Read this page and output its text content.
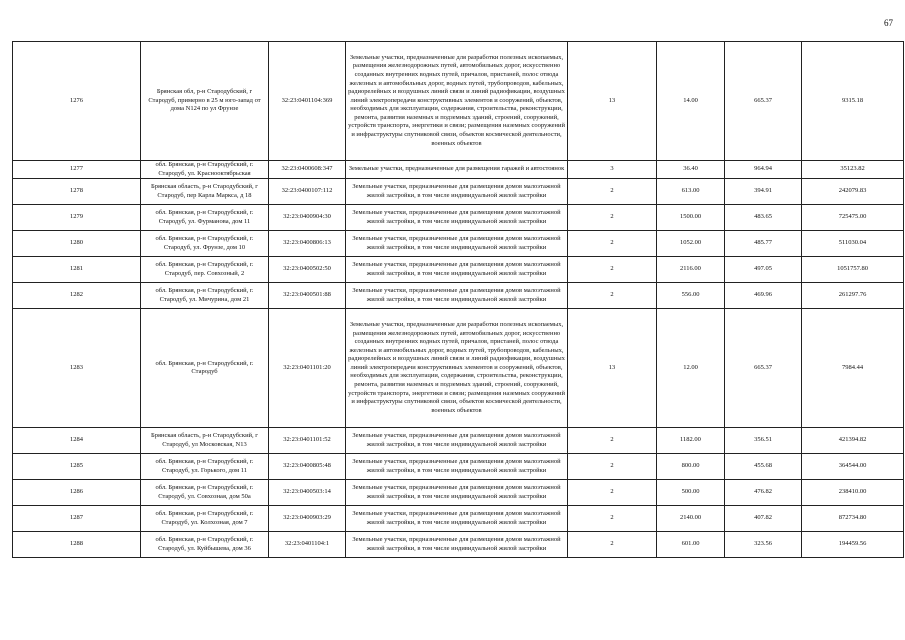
67
1276	Брянская обл, р-н Стародубский, г Стародуб, примерно в 25 м юго-запад от дома N124 по ул Фрунзе	32:23:0401104:369	Земельные участки, предназначенные для разработки полезных ископаемых, размещения железнодорожных путей, автомобильных дорог, искусственно созданных внутренних водных путей, причалов, пристаней, полос отвода железных и автомобильных дорог, водных путей, трубопроводов, кабельных, радиорелейных и воздушных линий связи и линий радиофикации, воздушных линий электропередачи конструктивных элементов и сооружений, объектов, необходимых для эксплуатации, содержания, строительства, реконструкции, ремонта, развития наземных и подземных зданий, строений, сооружений, устройств транспорта, энергетики и связи; размещения наземных сооружений и инфраструктуры спутниковой связи, объектов космической деятельности, военных объектов	13	14.00	665.37	9315.18
1277	обл. Брянская, р-н Стародубский, г. Стародуб, ул. Красноoктябрьская	32:23:0400608:347	Земельные участки, предназначенные для размещения гаражей и автостоянок	3	36.40	964.94	35123.82
1278	Брянская область, р-н Стародубский, г Стародуб, пер Карла Маркса, д 18	32:23:0400107:112	Земельные участки, предназначенные для размещения домов малоэтажной жилой застройки, в том числе индивидуальной жилой застройки	2	613.00	394.91	242079.83
1279	обл. Брянская, р-н Стародубский, г. Стародуб, ул. Фурманова, дом 11	32:23:0400904:30	Земельные участки, предназначенные для размещения домов малоэтажной жилой застройки, в том числе индивидуальной жилой застройки	2	1500.00	483.65	725475.00
1280	обл. Брянская, р-н Стародубский, г. Стародуб, ул. Фрунзе, дом 10	32:23:0400806:13	Земельные участки, предназначенные для размещения домов малоэтажной жилой застройки, в том числе индивидуальной жилой застройки	2	1052.00	485.77	511030.04
1281	обл. Брянская, р-н Стародубский, г. Стародуб, пер. Совхозный, 2	32:23:0400502:50	Земельные участки, предназначенные для размещения домов малоэтажной жилой застройки, в том числе индивидуальной жилой застройки	2	2116.00	497.05	1051757.80
1282	обл. Брянская, р-н Стародубский, г. Стародуб, ул. Мичурина, дом 21	32:23:0400501:88	Земельные участки, предназначенные для размещения домов малоэтажной жилой застройки, в том числе индивидуальной жилой застройки	2	556.00	469.96	261297.76
1283	обл. Брянская, р-н Стародубский, г. Стародуб	32:23:0401101:20	Земельные участки, предназначенные для разработки полезных ископаемых, размещения железнодорожных путей, автомобильных дорог, искусственно созданных внутренних водных путей, причалов, пристаней, полос отвода железных и автомобильных дорог, водных путей, трубопроводов, кабельных, радиорелейных и воздушных линий связи и линий радиофикации, воздушных линий электропередачи конструктивных элементов и сооружений, объектов, необходимых для эксплуатации, содержания, строительства, реконструкции, ремонта, развития наземных и подземных зданий, строений, сооружений, устройств транспорта, энергетики и связи; размещения наземных сооружений и инфраструктуры спутниковой связи, объектов космической деятельности, военных объектов	13	12.00	665.37	7984.44
1284	Брянская область, р-н Стародубский, г Стародуб, ул Московская, N13	32:23:0401101:52	Земельные участки, предназначенные для размещения домов малоэтажной жилой застройки, в том числе индивидуальной жилой застройки	2	1182.00	356.51	421394.82
1285	обл. Брянская, р-н Стародубский, г. Стародуб, ул. Горького, дом 11	32:23:0400805:48	Земельные участки, предназначенные для размещения домов малоэтажной жилой застройки, в том числе индивидуальной жилой застройки	2	800.00	455.68	364544.00
1286	обл. Брянская, р-н Стародубский, г. Стародуб, ул. Совхозная, дом 50а	32:23:0400503:14	Земельные участки, предназначенные для размещения домов малоэтажной жилой застройки, в том числе индивидуальной жилой застройки	2	500.00	476.82	238410.00
1287	обл. Брянская, р-н Стародубский, г. Стародуб, ул. Колхозная, дом 7	32:23:0400903:29	Земельные участки, предназначенные для размещения домов малоэтажной жилой застройки, в том числе индивидуальной жилой застройки	2	2140.00	407.82	872734.80
1288	обл. Брянская, р-н Стародубский, г. Стародуб, ул. Куйбышева, дом 36	32:23:0401104:1	Земельные участки, предназначенные для размещения домов малоэтажной жилой застройки, в том числе индивидуальной жилой застройки	2	601.00	323.56	194459.56
